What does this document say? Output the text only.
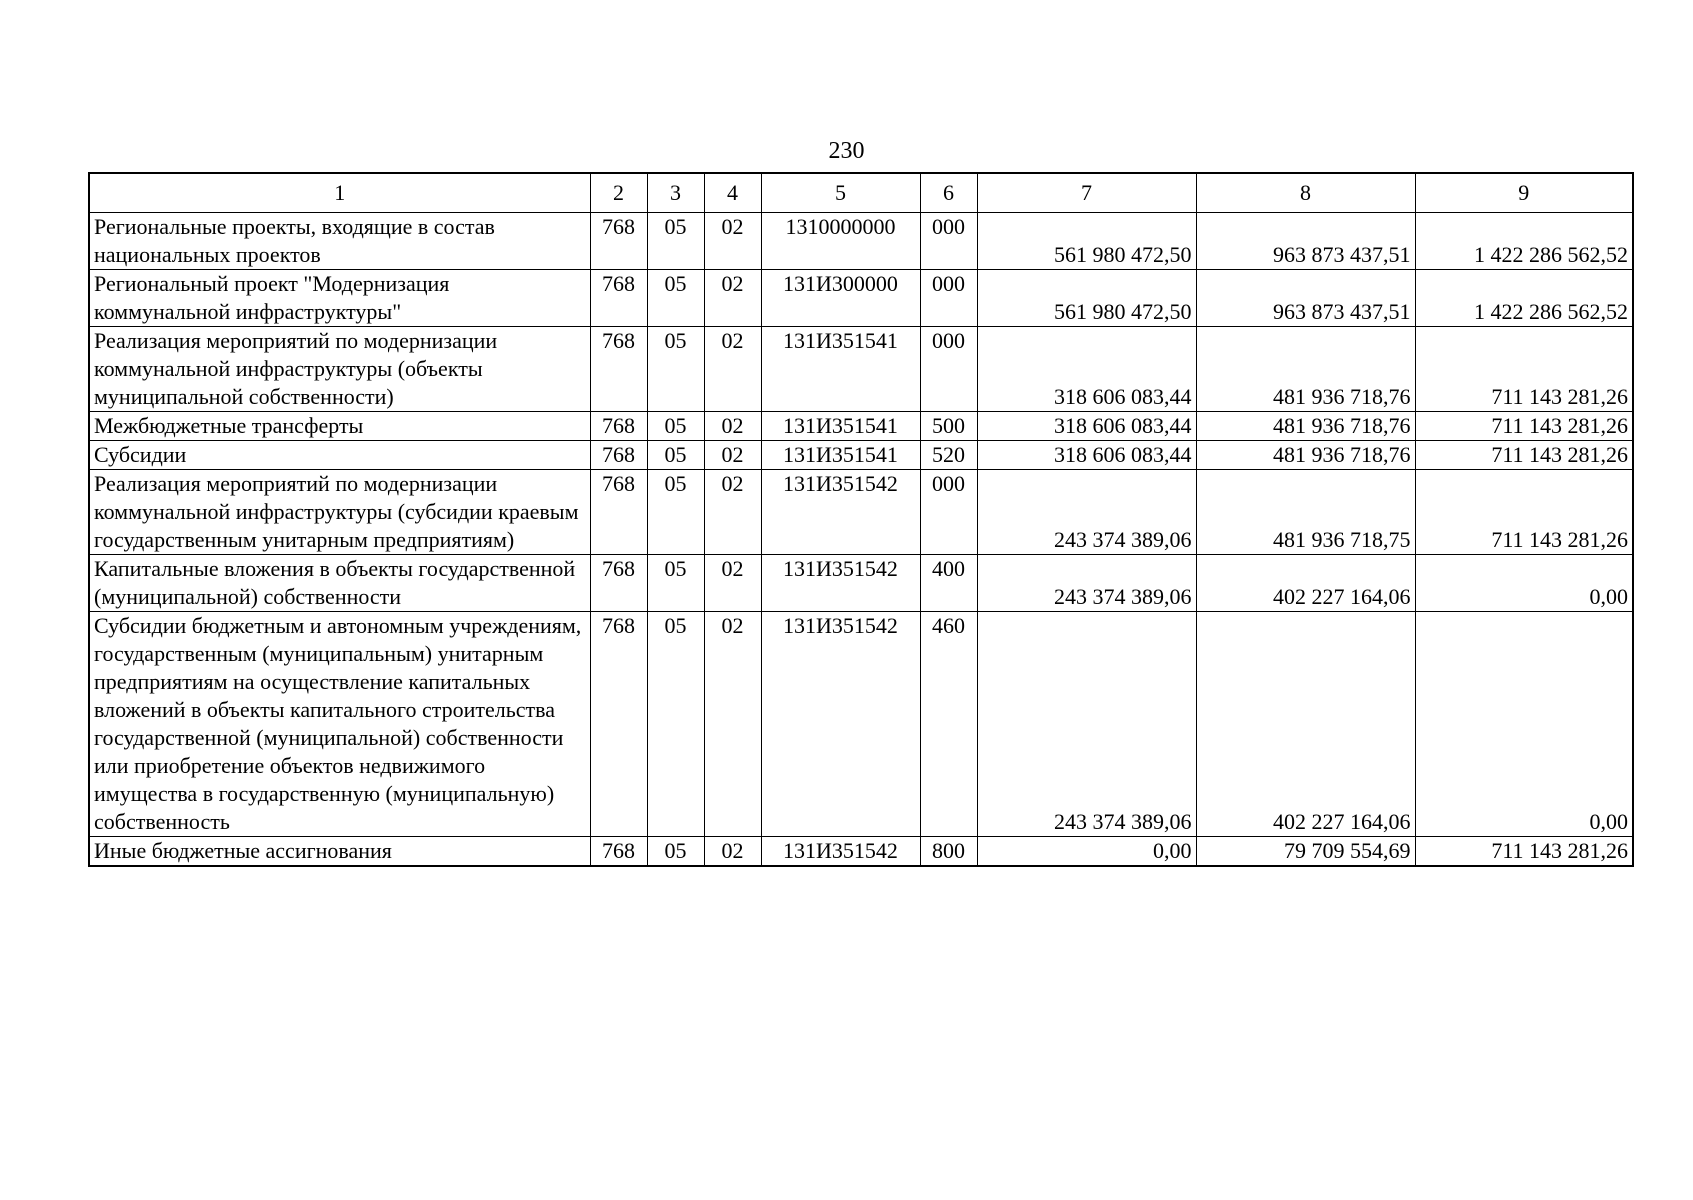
230
1	2	3	4	5	6	7	8	9
Региональные проекты, входящие в состав национальных проектов	768	05	02	1310000000	000	561 980 472,50	963 873 437,51	1 422 286 562,52
Региональный проект "Модернизация коммунальной инфраструктуры"	768	05	02	131И300000	000	561 980 472,50	963 873 437,51	1 422 286 562,52
Реализация мероприятий по модернизации коммунальной инфраструктуры (объекты муниципальной собственности)	768	05	02	131И351541	000	318 606 083,44	481 936 718,76	711 143 281,26
Межбюджетные трансферты	768	05	02	131И351541	500	318 606 083,44	481 936 718,76	711 143 281,26
Субсидии	768	05	02	131И351541	520	318 606 083,44	481 936 718,76	711 143 281,26
Реализация мероприятий по модернизации коммунальной инфраструктуры (субсидии краевым государственным унитарным предприятиям)	768	05	02	131И351542	000	243 374 389,06	481 936 718,75	711 143 281,26
Капитальные вложения в объекты государственной (муниципальной) собственности	768	05	02	131И351542	400	243 374 389,06	402 227 164,06	0,00
Субсидии бюджетным и автономным учреждениям, государственным (муниципальным) унитарным предприятиям на осуществление капитальных вложений в объекты капитального строительства государственной (муниципальной) собственности или приобретение объектов недвижимого имущества в государственную (муниципальную) собственность	768	05	02	131И351542	460	243 374 389,06	402 227 164,06	0,00
Иные бюджетные ассигнования	768	05	02	131И351542	800	0,00	79 709 554,69	711 143 281,26
